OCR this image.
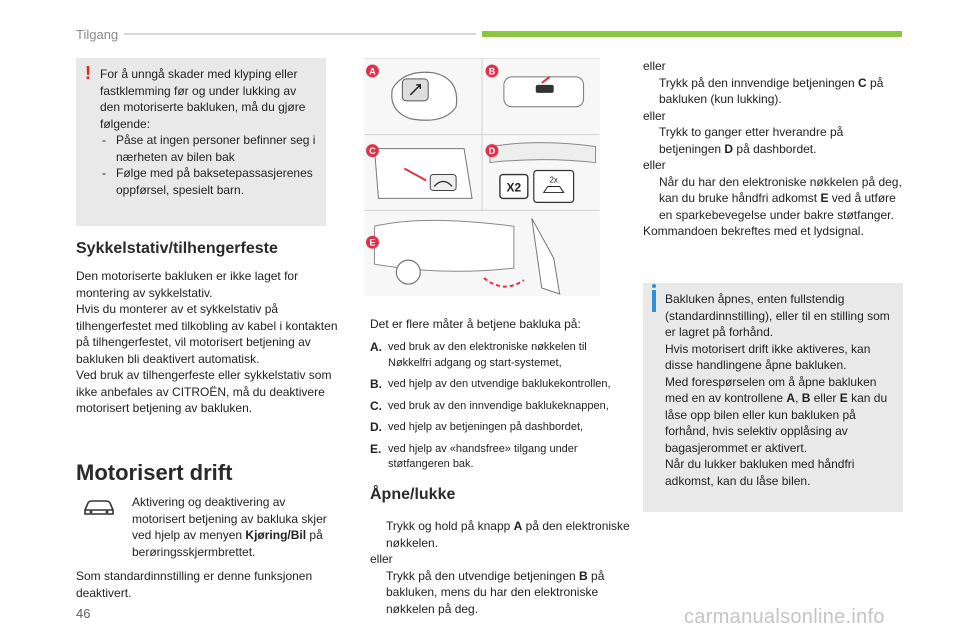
Tilgang
! For å unngå skader med klyping eller fastklemming før og under lukking av den motoriserte bakluken, må du gjøre følgende:
- Påse at ingen personer befinner seg i nærheten av bilen bak
- Følge med på baksetepassasjerenes oppførsel, spesielt barn.
Sykkelstativ/tilhengerfeste
Den motoriserte bakluken er ikke laget for montering av sykkelstativ.
Hvis du monterer av et sykkelstativ på tilhengerfestet med tilkobling av kabel i kontakten på tilhengerfestet, vil motorisert betjening av bakluken bli deaktivert automatisk.
Ved bruk av tilhengerfeste eller sykkelstativ som ikke anbefales av CITROËN, må du deaktivere motorisert betjening av bakluken.
Motorisert drift
Aktivering og deaktivering av motorisert betjening av bakluka skjer ved hjelp av menyen Kjøring/Bil på berøringsskjermbrettet.
Som standardinnstilling er denne funksjonen deaktivert.
X2
2x
A	B
C	D
E
Det er flere måter å betjene bakluka på:
A. ved bruk av den elektroniske nøkkelen til Nøkkelfri adgang og start-systemet,
B. ved hjelp av den utvendige baklukekontrollen,
C. ved bruk av den innvendige baklukeknappen,
D. ved hjelp av betjeningen på dashbordet,
E. ved hjelp av «handsfree» tilgang under støtfangeren bak.
Åpne/lukke
Trykk og hold på knapp A på den elektroniske nøkkelen.
eller
Trykk på den utvendige betjeningen B på bakluken, mens du har den elektroniske nøkkelen på deg.
eller
Trykk på den innvendige betjeningen C på bakluken (kun lukking).
eller
Trykk to ganger etter hverandre på betjeningen D på dashbordet.
eller
Når du har den elektroniske nøkkelen på deg, kan du bruke håndfri adkomst E ved å utføre en sparkebevegelse under bakre støtfanger.
Kommandoen bekreftes med et lydsignal.
Bakluken åpnes, enten fullstendig (standardinnstilling), eller til en stilling som er lagret på forhånd.
Hvis motorisert drift ikke aktiveres, kan disse handlingene åpne bakluken.
Med forespørselen om å åpne bakluken med en av kontrollene A, B eller E kan du låse opp bilen eller kun bakluken på forhånd, hvis selektiv opplåsing av bagasjerommet er aktivert.
Når du lukker bakluken med håndfri adkomst, kan du låse bilen.
46	carmanualsonline.info
